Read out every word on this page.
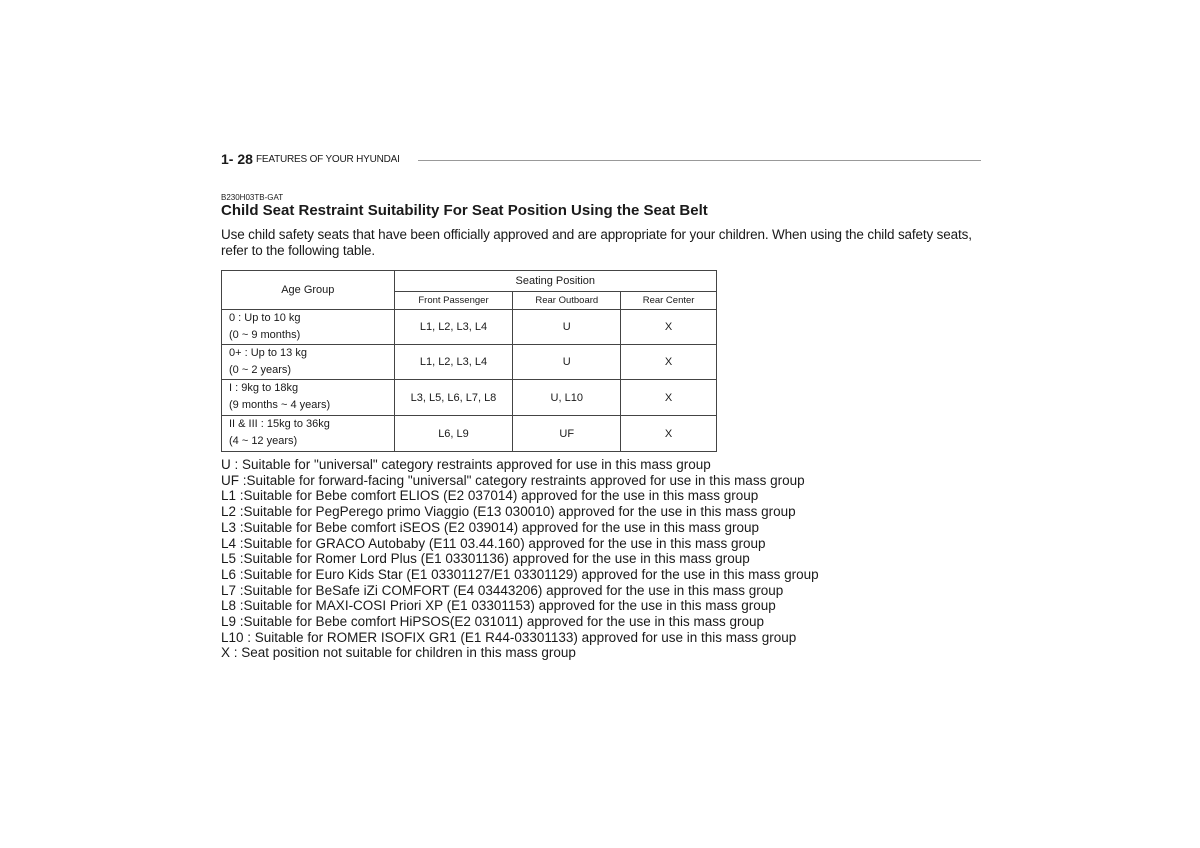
1- 28 FEATURES OF YOUR HYUNDAI
B230H03TB-GAT
Child Seat Restraint Suitability For Seat Position Using the Seat Belt
Use child safety seats that have been officially approved and are appropriate for your children. When using the child safety seats, refer to the following table.
Age Group	Seating Position		
	Front Passenger	Rear Outboard	Rear Center

0 : Up to 10 kg
(0 ~ 9 months)	L1, L2, L3, L4	U	X

0+ : Up to 13 kg
(0 ~ 2 years)	L1, L2, L3, L4	U	X

I : 9kg to 18kg
(9 months ~ 4 years)	L3, L5, L6, L7, L8	U, L10	X

II & III : 15kg to 36kg
(4 ~ 12 years)	L6, L9	UF	X
U : Suitable for "universal" category restraints approved for use in this mass group
UF :Suitable for forward-facing "universal" category restraints approved for use in this mass group
L1 :Suitable for Bebe comfort ELIOS (E2 037014) approved for the use in this mass group
L2 :Suitable for PegPerego primo Viaggio (E13 030010) approved for the use in this mass group
L3 :Suitable for Bebe comfort iSEOS (E2 039014) approved for the use in this mass group
L4 :Suitable for GRACO Autobaby (E11 03.44.160) approved for the use in this mass group
L5 :Suitable for Romer Lord Plus (E1 03301136) approved for the use in this mass group
L6 :Suitable for Euro Kids Star (E1 03301127/E1 03301129) approved for the use in this mass group
L7 :Suitable for BeSafe iZi COMFORT (E4 03443206) approved for the use in this mass group
L8 :Suitable for MAXI-COSI Priori XP (E1 03301153) approved for the use in this mass group
L9 :Suitable for Bebe comfort HiPSOS(E2 031011) approved for the use in this mass group
L10 : Suitable for ROMER ISOFIX GR1 (E1 R44-03301133) approved for use in this mass group
X : Seat position not suitable for children in this mass group
